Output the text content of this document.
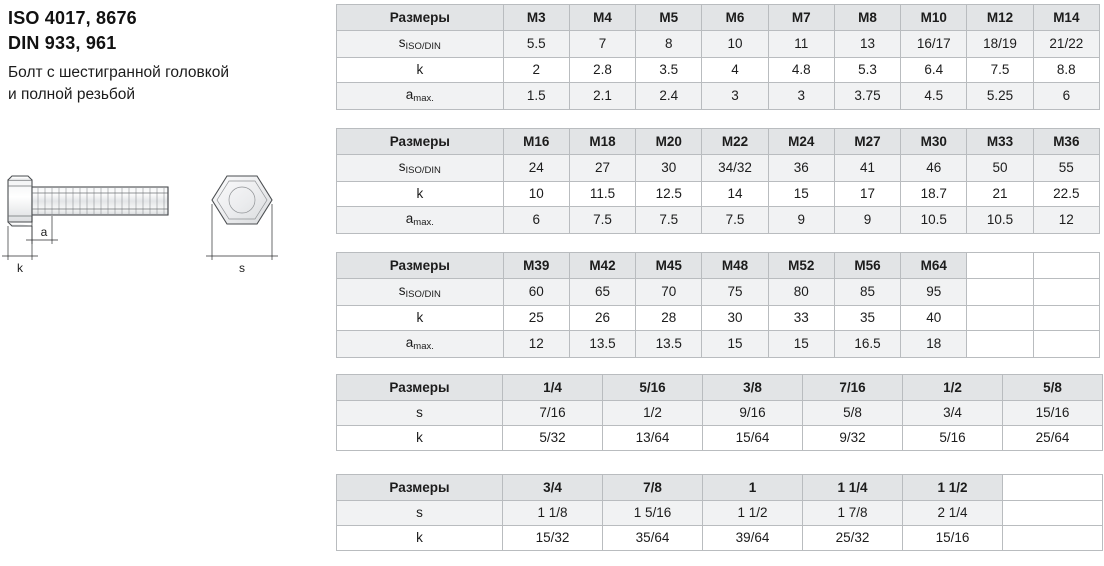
ISO 4017, 8676
DIN 933, 961
Болт с шестигранной головкой
и полной резьбой
k
a
s
Размеры	M3	M4	M5	M6	M7	M8	M10	M12	M14
$s_{ISO/DIN}$	5.5	7	8	10	11	13	16/17	18/19	21/22
k	2	2.8	3.5	4	4.8	5.3	6.4	7.5	8.8
$a_{max.}$	1.5	2.1	2.4	3	3	3.75	4.5	5.25	6
Размеры	M16	M18	M20	M22	M24	M27	M30	M33	M36
$s_{ISO/DIN}$	24	27	30	34/32	36	41	46	50	55
k	10	11.5	12.5	14	15	17	18.7	21	22.5
$a_{max.}$	6	7.5	7.5	7.5	9	9	10.5	10.5	12
Размеры	M39	M42	M45	M48	M52	M56	M64		
$s_{ISO/DIN}$	60	65	70	75	80	85	95		
k	25	26	28	30	33	35	40		
$a_{max.}$	12	13.5	13.5	15	15	16.5	18		
Размеры	1/4	5/16	3/8	7/16	1/2	5/8
s	7/16	1/2	9/16	5/8	3/4	15/16
k	5/32	13/64	15/64	9/32	5/16	25/64
Размеры	3/4	7/8	1	1 1/4	1 1/2	
s	1 1/8	1 5/16	1 1/2	1 7/8	2 1/4	
k	15/32	35/64	39/64	25/32	15/16	
